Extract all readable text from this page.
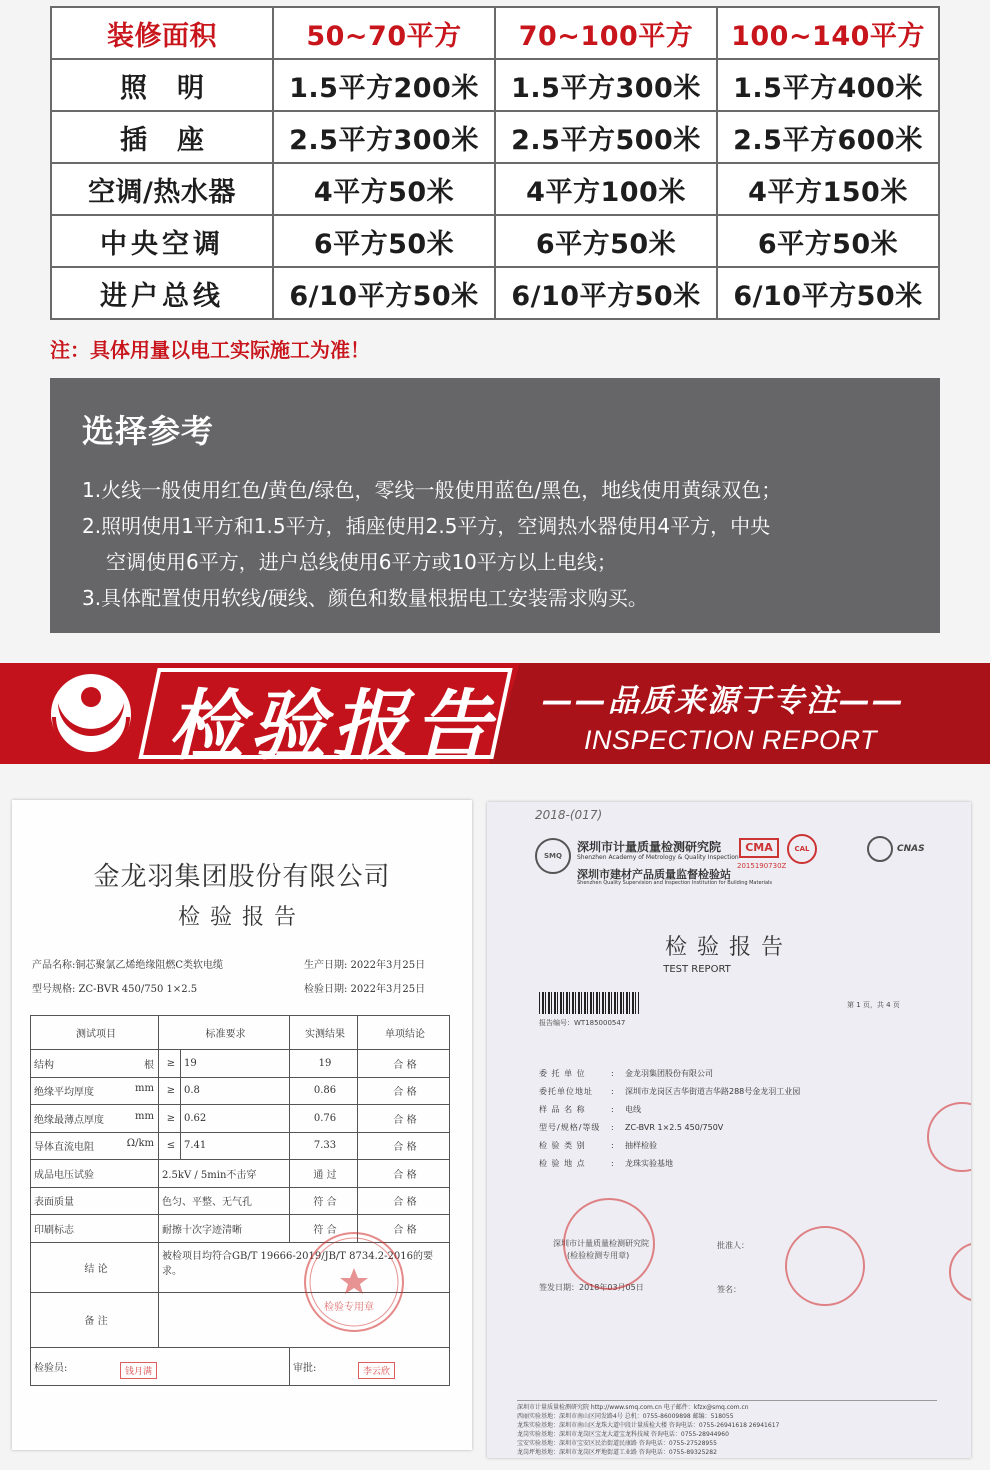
装修面积	50~70平方	70~100平方	100~140平方
照明	1.5平方200米	1.5平方300米	1.5平方400米
插座	2.5平方300米	2.5平方500米	2.5平方600米
空调/热水器	4平方50米	4平方100米	4平方150米
中央空调	6平方50米	6平方50米	6平方50米
进户总线	6/10平方50米	6/10平方50米	6/10平方50米
注：具体用量以电工实际施工为准！
选择参考
1.火线一般使用红色/黄色/绿色，零线一般使用蓝色/黑色，地线使用黄绿双色；
2.照明使用1平方和1.5平方，插座使用2.5平方，空调热水器使用4平方，中央
空调使用6平方，进户总线使用6平方或10平方以上电线；
3.具体配置使用软线/硬线、颜色和数量根据电工安装需求购买。
检验报告 ——品质来源于专注——
INSPECTION REPORT
金龙羽集团股份有限公司
检验报告
产品名称:铜芯聚氯乙烯绝缘阻燃C类软电缆
型号规格: ZC-BVR 450/750 1×2.5
生产日期: 2022年3月25日
检验日期: 2022年3月25日
测试项目	标准要求		实测结果	单项结论
结构 根	≥	19	19	合 格
绝缘平均厚度 mm	≥	0.8	0.86	合 格
绝缘最薄点厚度 mm	≥	0.62	0.76	合 格
导体直流电阻 Ω/km	≤	7.41	7.33	合 格
成品电压试验	2.5kV / 5min不击穿		通 过	合 格
表面质量	色匀、平整、无气孔		符 合	合 格
印刷标志	耐擦十次字迹清晰		符 合	合 格
结 论	被检项目均符合GB/T 19666-2019/JB/T 8734.2-2016的要求。			
备 注				
检验员:			审批:	
钱月满	李云欣
检验专用章
2018-(017)
SMQ
深圳市计量质量检测研究院
Shenzhen Academy of Metrology & Quality Inspection
深圳市建材产品质量监督检验站
Shenzhen Quality Supervision and Inspection Institution for Building Materials
CMA
2015190730Z
CAL	CNAS
检验报告
TEST REPORT
报告编号：WT185000547
第 1 页，共 4 页
委 托 单 位	: 金龙羽集团股份有限公司
委托单位地址 : 深圳市龙岗区吉华街道吉华路288号金龙羽工业园
样 品 名 称	: 电线
型号/规格/等级 : ZC-BVR 1×2.5 450/750V
检 验 类 别	: 抽样检验
检 验 地 点	: 龙珠实验基地
深圳市计量质量检测研究院
(检验检测专用章)
批准人：
签名：
签发日期：2018年03月05日
深圳市计量质量检测研究院 http://www.smq.com.cn 电子邮件：kfzx@smq.com.cn
西丽实验基地：深圳市南山区同发路4号 总机：0755-86009898 邮编：518055
龙珠实验基地：深圳市南山区龙珠大道中段计量质检大楼 咨询电话：0755-26941618 26941617
龙岗实验基地：深圳市龙岗区宝龙大道宝龙科技城 咨询电话：0755-28944960
宝安实验基地：深圳市宝安区民治街道民康路 咨询电话：0755-27528955
龙岗坪地基地：深圳市龙岗区坪地街道工业路 咨询电话：0755-89325282
